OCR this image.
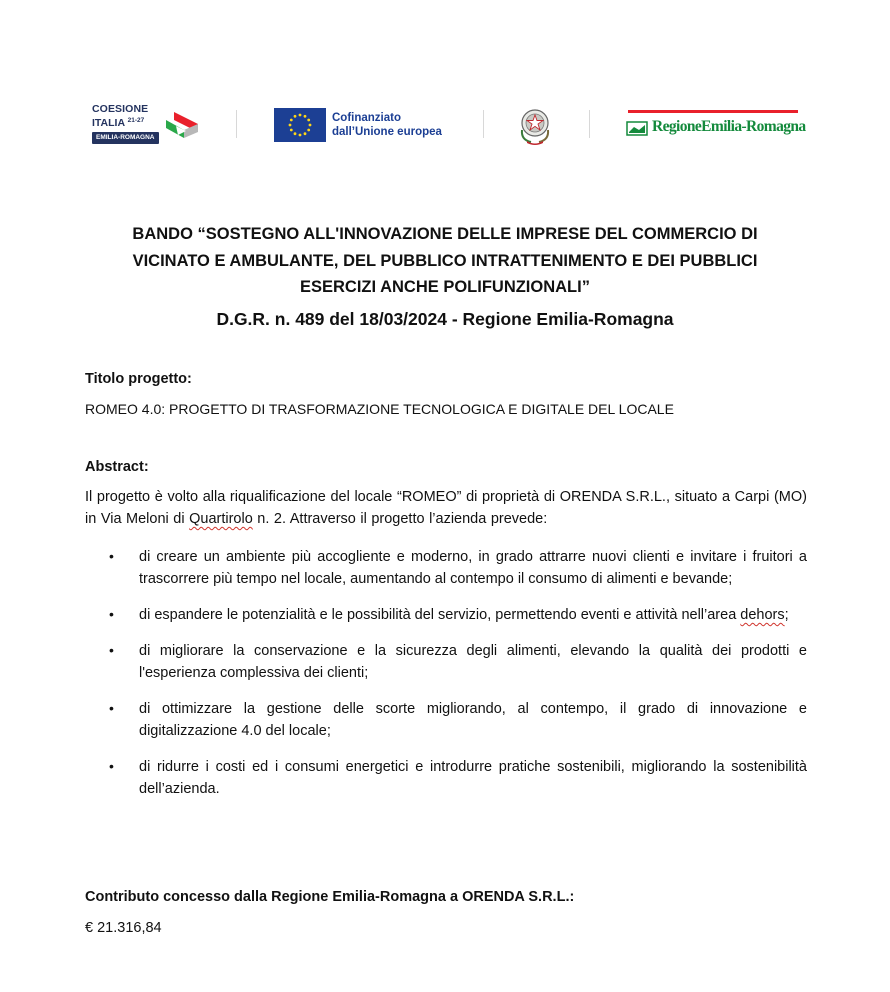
COESIONE
ITALIA $^{21-27}$
EMILIA-ROMAGNA
Cofinanziato
dall’Unione europea	RegioneEmilia-Romagna
BANDO “SOSTEGNO ALL'INNOVAZIONE DELLE IMPRESE DEL COMMERCIO DI
VICINATO E AMBULANTE, DEL PUBBLICO INTRATTENIMENTO E DEI PUBBLICI
ESERCIZI ANCHE POLIFUNZIONALI”
D.G.R. n. 489 del 18/03/2024 - Regione Emilia-Romagna
Titolo progetto:
ROMEO 4.0: PROGETTO DI TRASFORMAZIONE TECNOLOGICA E DIGITALE DEL LOCALE
Abstract:
Il progetto è volto alla riqualificazione del locale “ROMEO” di proprietà di ORENDA S.R.L., situato a Carpi (MO) in Via Meloni di Quartirolo n. 2. Attraverso il progetto l’azienda prevede:
• di creare un ambiente più accogliente e moderno, in grado attrarre nuovi clienti e invitare i fruitori a trascorrere più tempo nel locale, aumentando al contempo il consumo di alimenti e bevande;
• di espandere le potenzialità e le possibilità del servizio, permettendo eventi e attività nell’area dehors;
• di migliorare la conservazione e la sicurezza degli alimenti, elevando la qualità dei prodotti e l'esperienza complessiva dei clienti;
• di ottimizzare la gestione delle scorte migliorando, al contempo, il grado di innovazione e digitalizzazione 4.0 del locale;
• di ridurre i costi ed i consumi energetici e introdurre pratiche sostenibili, migliorando la sostenibilità dell’azienda.
Contributo concesso dalla Regione Emilia-Romagna a ORENDA S.R.L.:
€ 21.316,84
